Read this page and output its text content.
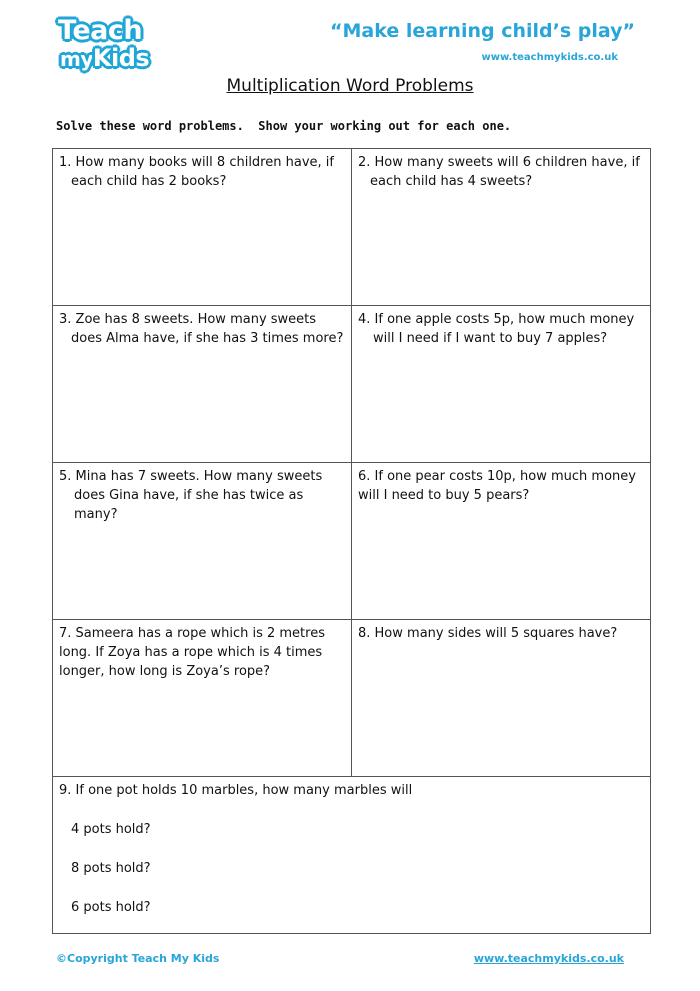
Teach
myKids
“Make learning child’s play”
www.teachmykids.co.uk
Multiplication Word Problems
Solve these word problems.  Show your working out for each one.
1. How many books will 8 children have, if
each child has 2 books?
2. How many sweets will 6 children have, if
each child has 4 sweets?
3. Zoe has 8 sweets. How many sweets
does Alma have, if she has 3 times more?
4. If one apple costs 5p, how much money
will I need if I want to buy 7 apples?
5. Mina has 7 sweets. How many sweets
does Gina have, if she has twice as
many?
6. If one pear costs 10p, how much money
will I need to buy 5 pears?
7. Sameera has a rope which is 2 metres
long. If Zoya has a rope which is 4 times
longer, how long is Zoya’s rope?
8. How many sides will 5 squares have?
9. If one pot holds 10 marbles, how many marbles will
4 pots hold?
8 pots hold?
6 pots hold?
©Copyright Teach My Kids	www.teachmykids.co.uk
